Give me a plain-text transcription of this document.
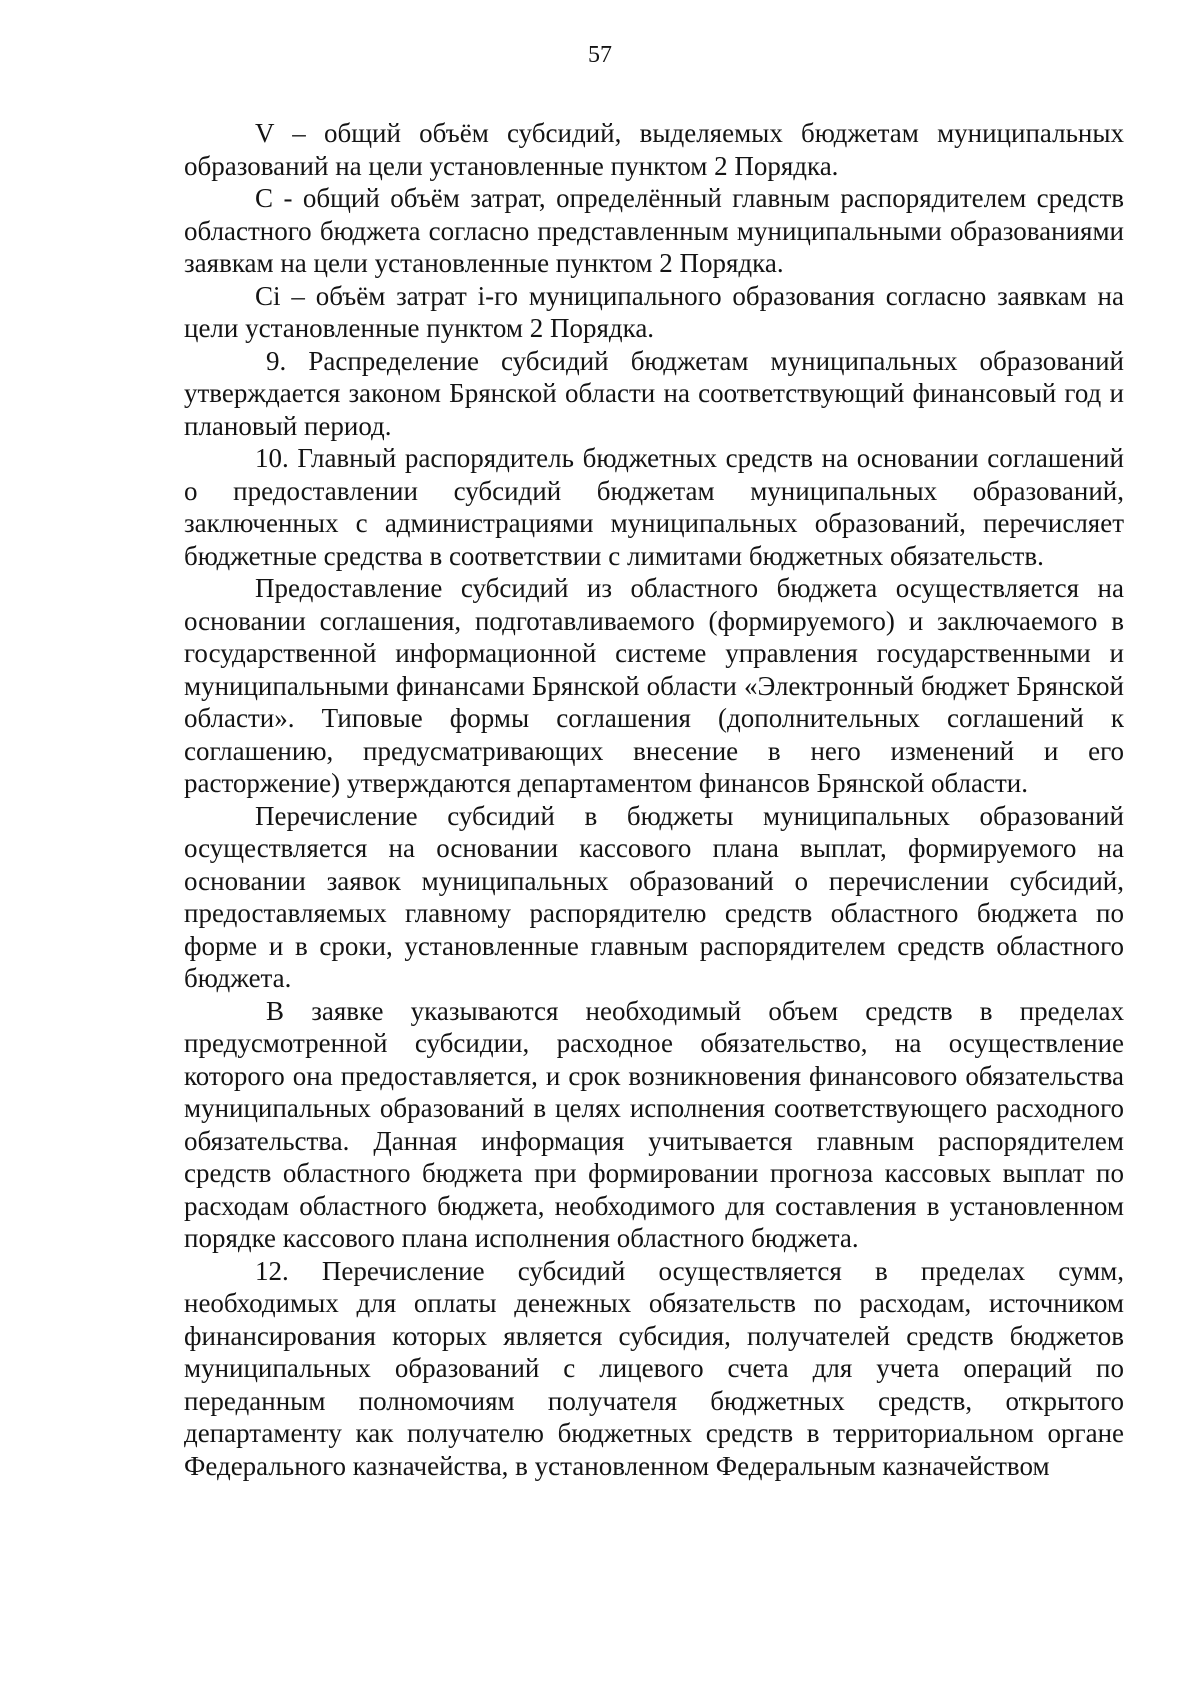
57

V – общий объём субсидий, выделяемых бюджетам муниципальных образований на цели установленные пунктом 2 Порядка.

С - общий объём затрат, определённый главным распорядителем средств областного бюджета согласно представленным муниципальными образованиями заявкам на цели установленные пунктом 2 Порядка.

Сi – объём затрат i-го муниципального образования согласно заявкам на цели установленные пунктом 2 Порядка.

9. Распределение субсидий бюджетам муниципальных образований утверждается законом Брянской области на соответствующий финансовый год и плановый период.

10. Главный распорядитель бюджетных средств на основании соглашений о предоставлении субсидий бюджетам муниципальных образований, заключенных с администрациями муниципальных образований, перечисляет бюджетные средства в соответствии с лимитами бюджетных обязательств.

Предоставление субсидий из областного бюджета осуществляется на основании соглашения, подготавливаемого (формируемого) и заключаемого в государственной информационной системе управления государственными и муниципальными финансами Брянской области «Электронный бюджет Брянской области». Типовые формы соглашения (дополнительных соглашений к соглашению, предусматривающих внесение в него изменений и его расторжение) утверждаются департаментом финансов Брянской области.

Перечисление субсидий в бюджеты муниципальных образований осуществляется на основании кассового плана выплат, формируемого на основании заявок муниципальных образований о перечислении субсидий, предоставляемых главному распорядителю средств областного бюджета по форме и в сроки, установленные главным распорядителем средств областного бюджета.

В заявке указываются необходимый объем средств в пределах предусмотренной субсидии, расходное обязательство, на осуществление которого она предоставляется, и срок возникновения финансового обязательства муниципальных образований в целях исполнения соответствующего расходного обязательства. Данная информация учитывается главным распорядителем средств областного бюджета при формировании прогноза кассовых выплат по расходам областного бюджета, необходимого для составления в установленном порядке кассового плана исполнения областного бюджета.

12. Перечисление субсидий осуществляется в пределах сумм, необходимых для оплаты денежных обязательств по расходам, источником финансирования которых является субсидия, получателей средств бюджетов муниципальных образований с лицевого счета для учета операций по переданным полномочиям получателя бюджетных средств, открытого департаменту как получателю бюджетных средств в территориальном органе Федерального казначейства, в установленном Федеральным казначейством
